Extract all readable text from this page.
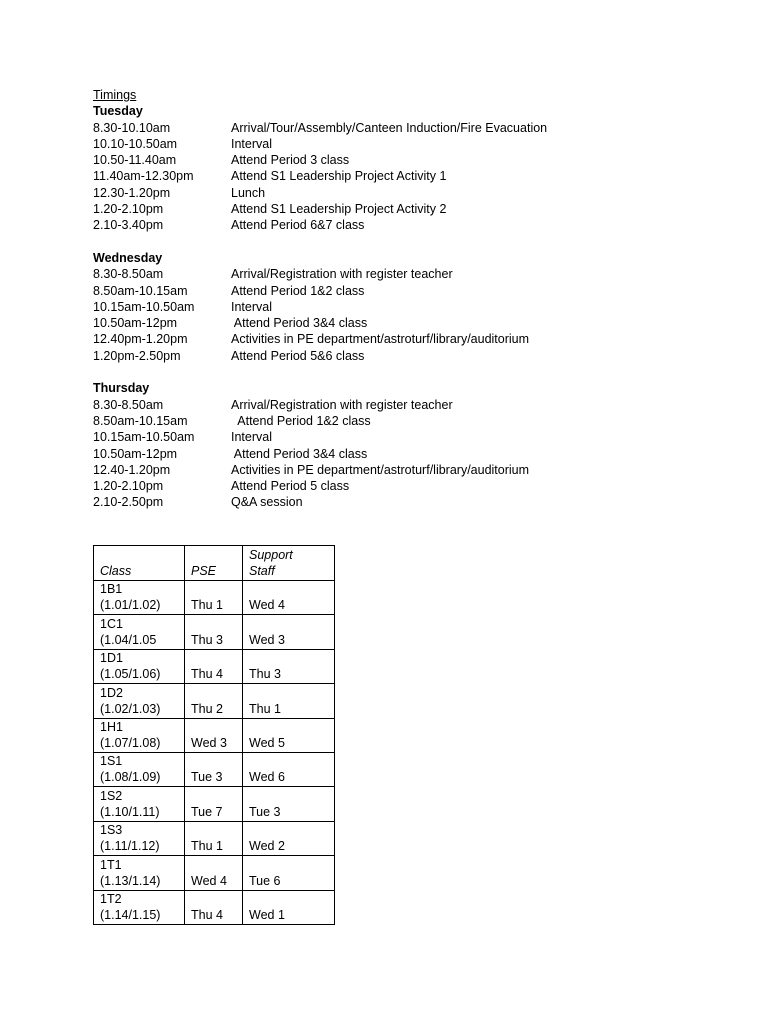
Timings
Tuesday
8.30-10.10am	Arrival/Tour/Assembly/Canteen Induction/Fire Evacuation
10.10-10.50am	Interval
10.50-11.40am	Attend Period 3 class
11.40am-12.30pm	Attend S1 Leadership Project Activity 1
12.30-1.20pm	Lunch
1.20-2.10pm	Attend S1 Leadership Project Activity 2
2.10-3.40pm	Attend Period 6&7 class
Wednesday
8.30-8.50am	Arrival/Registration with register teacher
8.50am-10.15am	Attend Period 1&2 class
10.15am-10.50am	Interval
10.50am-12pm	Attend Period 3&4 class
12.40pm-1.20pm	Activities in PE department/astroturf/library/auditorium
1.20pm-2.50pm	Attend Period 5&6 class
Thursday
8.30-8.50am	Arrival/Registration with register teacher
8.50am-10.15am	Attend Period 1&2 class
10.15am-10.50am	Interval
10.50am-12pm	Attend Period 3&4 class
12.40-1.20pm	Activities in PE department/astroturf/library/auditorium
1.20-2.10pm	Attend Period 5 class
2.10-2.50pm	Q&A session
Class	PSE	Support
Staff

1B1
(1.01/1.02)	Thu 1	Wed 4

1C1
(1.04/1.05	Thu 3	Wed 3

1D1
(1.05/1.06)	Thu 4	Thu 3

1D2
(1.02/1.03)	Thu 2	Thu 1

1H1
(1.07/1.08)	Wed 3	Wed 5

1S1
(1.08/1.09)	Tue 3	Wed 6

1S2
(1.10/1.11)	Tue 7	Tue 3

1S3
(1.11/1.12)	Thu 1	Wed 2

1T1
(1.13/1.14)	Wed 4	Tue 6

1T2
(1.14/1.15)	Thu 4	Wed 1
